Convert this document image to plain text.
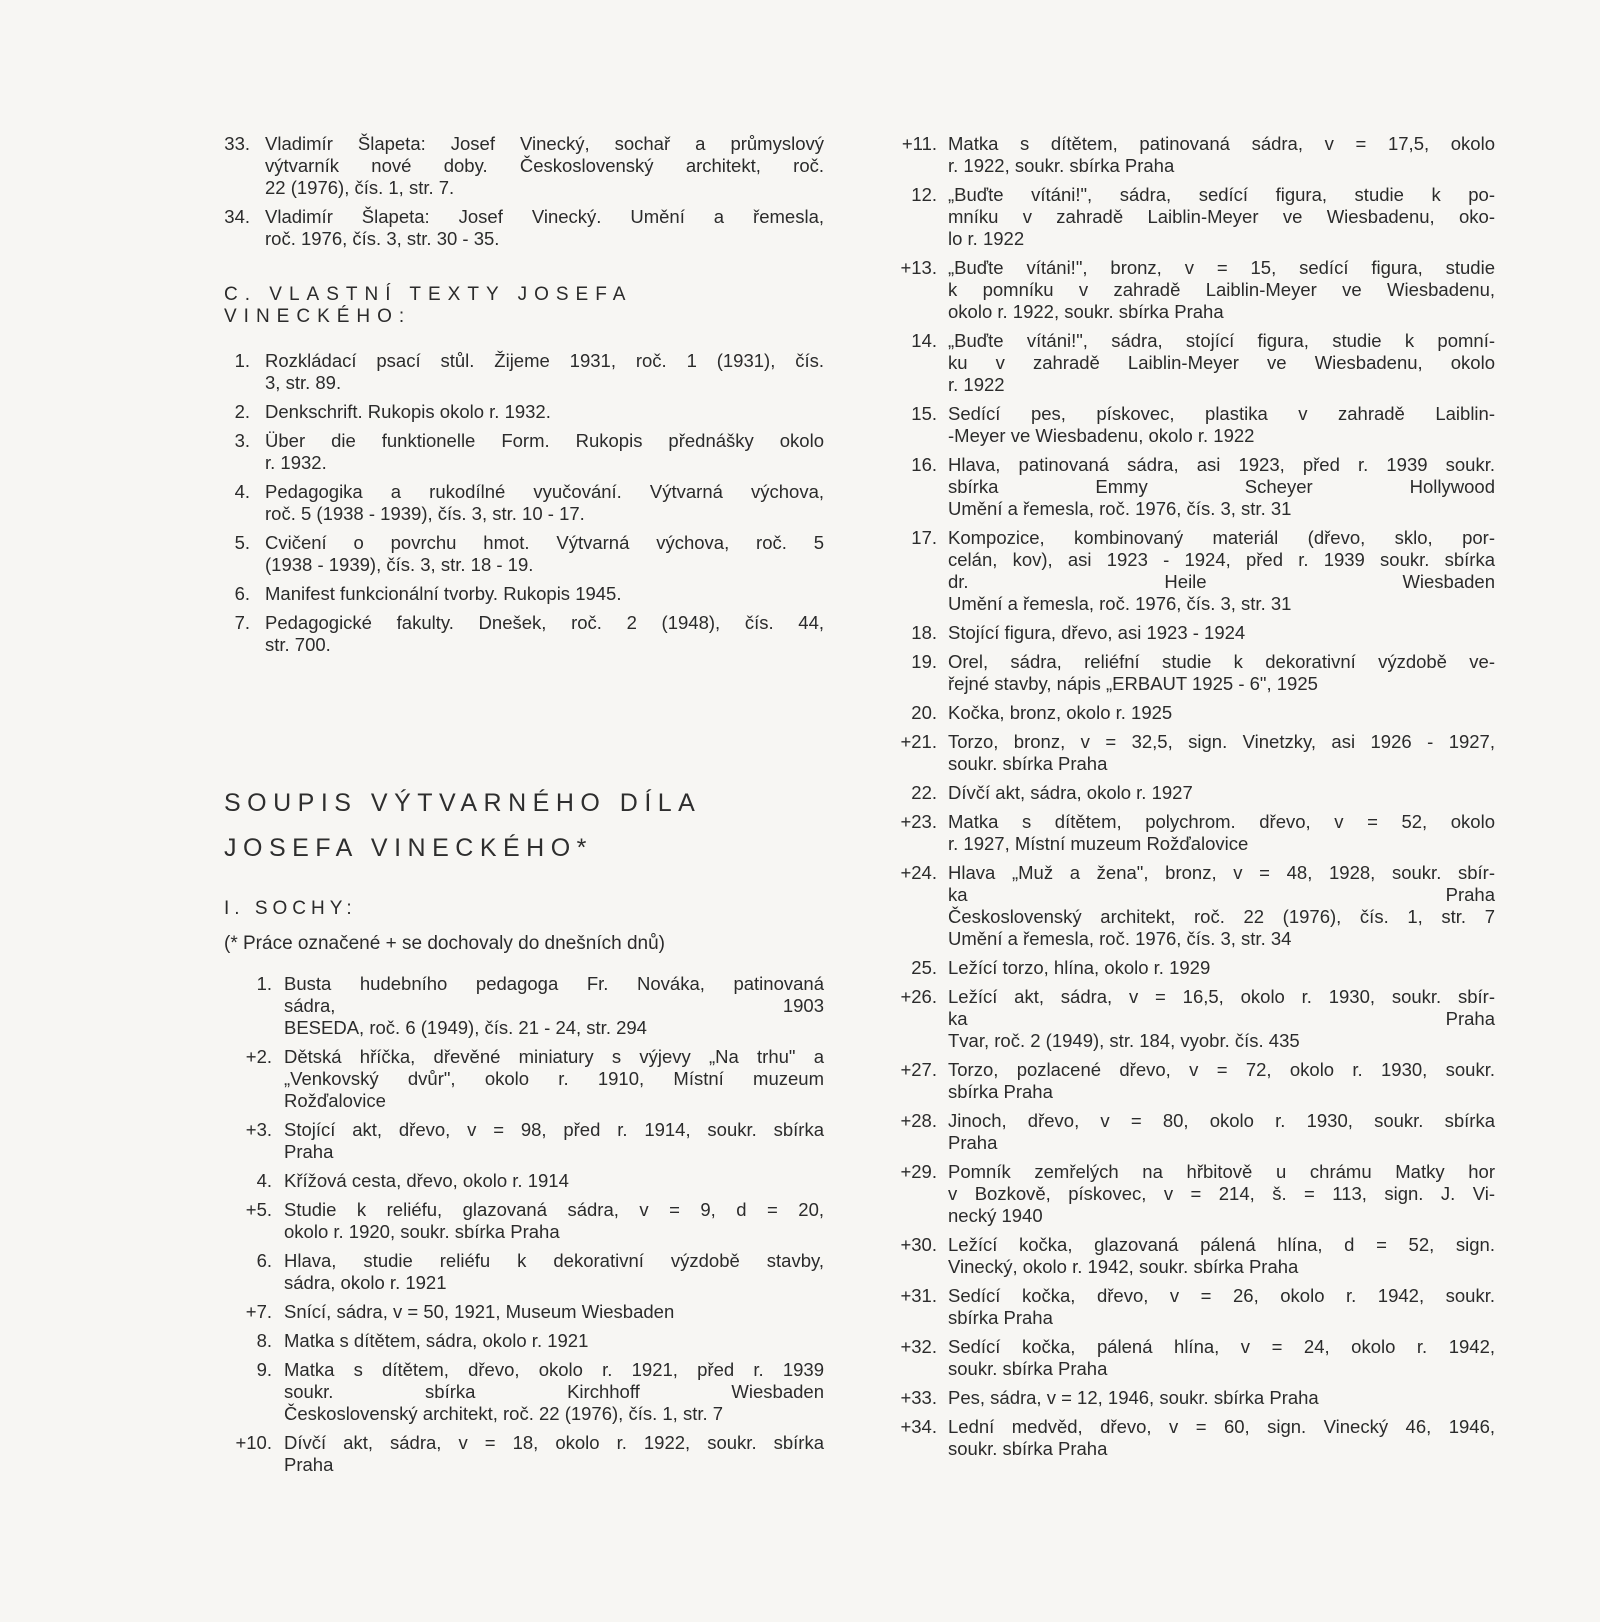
33. Vladimír Šlapeta: Josef Vinecký, sochař a průmyslový
výtvarník nové doby. Československý architekt, roč.
22 (1976), čís. 1, str. 7.
34. Vladimír Šlapeta: Josef Vinecký. Umění a řemesla,
roč. 1976, čís. 3, str. 30 - 35.
C. VLASTNÍ TEXTY JOSEFA VINECKÉHO:
1. Rozkládací psací stůl. Žijeme 1931, roč. 1 (1931), čís.
3, str. 89.
2. Denkschrift. Rukopis okolo r. 1932.
3. Über die funktionelle Form. Rukopis přednášky okolo
r. 1932.
4. Pedagogika a rukodílné vyučování. Výtvarná výchova,
roč. 5 (1938 - 1939), čís. 3, str. 10 - 17.
5. Cvičení o povrchu hmot. Výtvarná výchova, roč. 5
(1938 - 1939), čís. 3, str. 18 - 19.
6. Manifest funkcionální tvorby. Rukopis 1945.
7. Pedagogické fakulty. Dnešek, roč. 2 (1948), čís. 44,
str. 700.
SOUPIS VÝTVARNÉHO DÍLA
JOSEFA VINECKÉHO*
I. SOCHY:
(* Práce označené + se dochovaly do dnešních dnů)
1. Busta hudebního pedagoga Fr. Nováka, patinovaná
sádra, 1903
BESEDA, roč. 6 (1949), čís. 21 - 24, str. 294
+2. Dětská hříčka, dřevěné miniatury s výjevy „Na trhu" a
„Venkovský dvůr", okolo r. 1910, Místní muzeum
Rožďalovice
+3. Stojící akt, dřevo, v = 98, před r. 1914, soukr. sbírka
Praha
4. Křížová cesta, dřevo, okolo r. 1914
+5. Studie k reliéfu, glazovaná sádra, v = 9, d = 20,
okolo r. 1920, soukr. sbírka Praha
6. Hlava, studie reliéfu k dekorativní výzdobě stavby,
sádra, okolo r. 1921
+7. Snící, sádra, v = 50, 1921, Museum Wiesbaden
8. Matka s dítětem, sádra, okolo r. 1921
9. Matka s dítětem, dřevo, okolo r. 1921, před r. 1939
soukr. sbírka Kirchhoff Wiesbaden
Československý architekt, roč. 22 (1976), čís. 1, str. 7
+10. Dívčí akt, sádra, v = 18, okolo r. 1922, soukr. sbírka
Praha
+11. Matka s dítětem, patinovaná sádra, v = 17,5, okolo
r. 1922, soukr. sbírka Praha
12. „Buďte vítáni!", sádra, sedící figura, studie k po-
mníku v zahradě Laiblin-Meyer ve Wiesbadenu, oko-
lo r. 1922
+13. „Buďte vítáni!", bronz, v = 15, sedící figura, studie
k pomníku v zahradě Laiblin-Meyer ve Wiesbadenu,
okolo r. 1922, soukr. sbírka Praha
14. „Buďte vítáni!", sádra, stojící figura, studie k pomní-
ku v zahradě Laiblin-Meyer ve Wiesbadenu, okolo
r. 1922
15. Sedící pes, pískovec, plastika v zahradě Laiblin-
-Meyer ve Wiesbadenu, okolo r. 1922
16. Hlava, patinovaná sádra, asi 1923, před r. 1939 soukr.
sbírka Emmy Scheyer Hollywood
Umění a řemesla, roč. 1976, čís. 3, str. 31
17. Kompozice, kombinovaný materiál (dřevo, sklo, por-
celán, kov), asi 1923 - 1924, před r. 1939 soukr. sbírka
dr. Heile Wiesbaden
Umění a řemesla, roč. 1976, čís. 3, str. 31
18. Stojící figura, dřevo, asi 1923 - 1924
19. Orel, sádra, reliéfní studie k dekorativní výzdobě ve-
řejné stavby, nápis „ERBAUT 1925 - 6", 1925
20. Kočka, bronz, okolo r. 1925
+21. Torzo, bronz, v = 32,5, sign. Vinetzky, asi 1926 - 1927,
soukr. sbírka Praha
22. Dívčí akt, sádra, okolo r. 1927
+23. Matka s dítětem, polychrom. dřevo, v = 52, okolo
r. 1927, Místní muzeum Rožďalovice
+24. Hlava „Muž a žena", bronz, v = 48, 1928, soukr. sbír-
ka Praha
Československý architekt, roč. 22 (1976), čís. 1, str. 7
Umění a řemesla, roč. 1976, čís. 3, str. 34
25. Ležící torzo, hlína, okolo r. 1929
+26. Ležící akt, sádra, v = 16,5, okolo r. 1930, soukr. sbír-
ka Praha
Tvar, roč. 2 (1949), str. 184, vyobr. čís. 435
+27. Torzo, pozlacené dřevo, v = 72, okolo r. 1930, soukr.
sbírka Praha
+28. Jinoch, dřevo, v = 80, okolo r. 1930, soukr. sbírka
Praha
+29. Pomník zemřelých na hřbitově u chrámu Matky hor
v Bozkově, pískovec, v = 214, š. = 113, sign. J. Vi-
necký 1940
+30. Ležící kočka, glazovaná pálená hlína, d = 52, sign.
Vinecký, okolo r. 1942, soukr. sbírka Praha
+31. Sedící kočka, dřevo, v = 26, okolo r. 1942, soukr.
sbírka Praha
+32. Sedící kočka, pálená hlína, v = 24, okolo r. 1942,
soukr. sbírka Praha
+33. Pes, sádra, v = 12, 1946, soukr. sbírka Praha
+34. Lední medvěd, dřevo, v = 60, sign. Vinecký 46, 1946,
soukr. sbírka Praha
